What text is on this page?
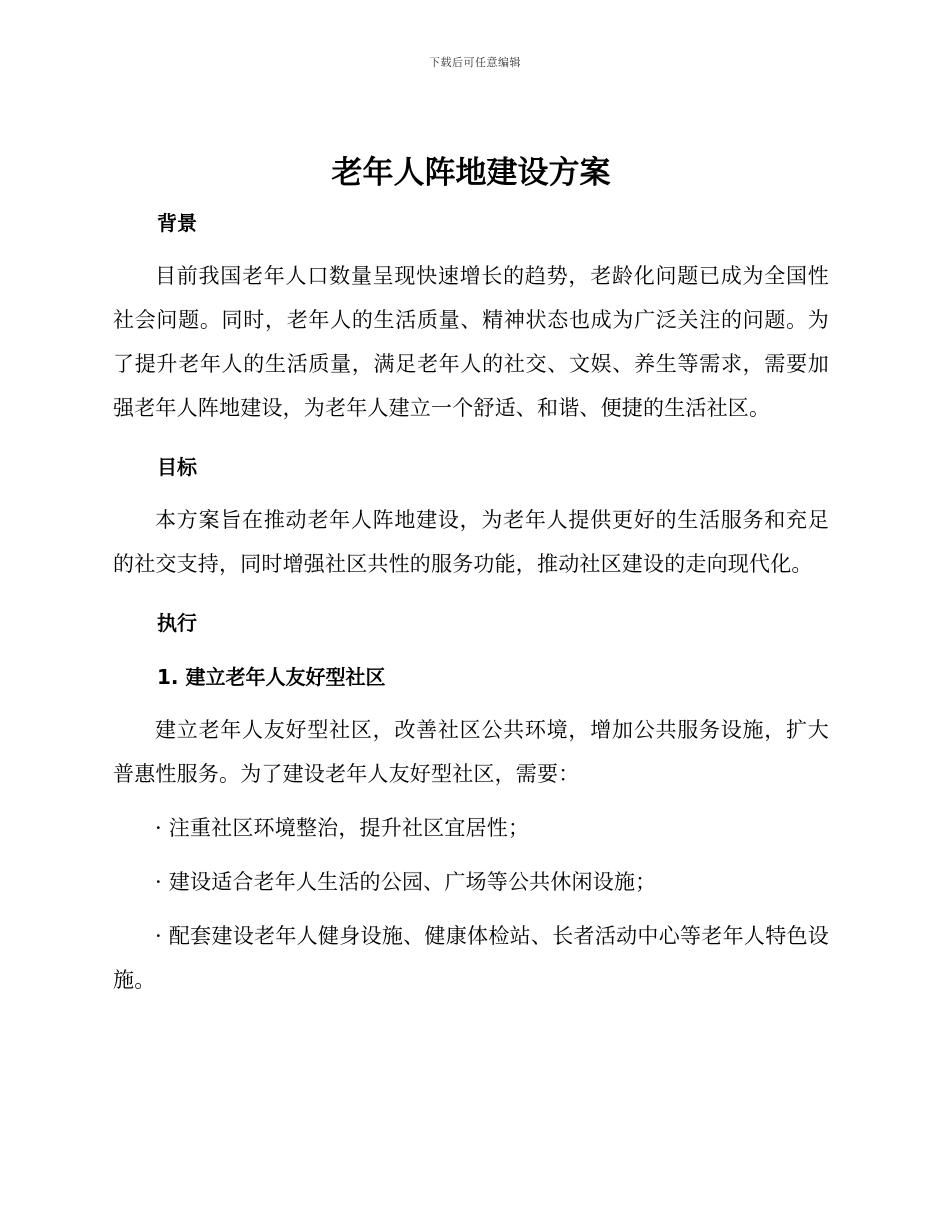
下载后可任意编辑
老年人阵地建设方案
背景

目前我国老年人口数量呈现快速增长的趋势，老龄化问题已成为全国性社会问题。同时，老年人的生活质量、精神状态也成为广泛关注的问题。为了提升老年人的生活质量，满足老年人的社交、文娱、养生等需求，需要加强老年人阵地建设，为老年人建立一个舒适、和谐、便捷的生活社区。

目标

本方案旨在推动老年人阵地建设，为老年人提供更好的生活服务和充足的社交支持，同时增强社区共性的服务功能，推动社区建设的走向现代化。

执行
1. 建立老年人友好型社区

建立老年人友好型社区，改善社区公共环境，增加公共服务设施，扩大普惠性服务。为了建设老年人友好型社区，需要：

· 注重社区环境整治，提升社区宜居性；

· 建设适合老年人生活的公园、广场等公共休闲设施；

· 配套建设老年人健身设施、健康体检站、长者活动中心等老年人特色设施。
